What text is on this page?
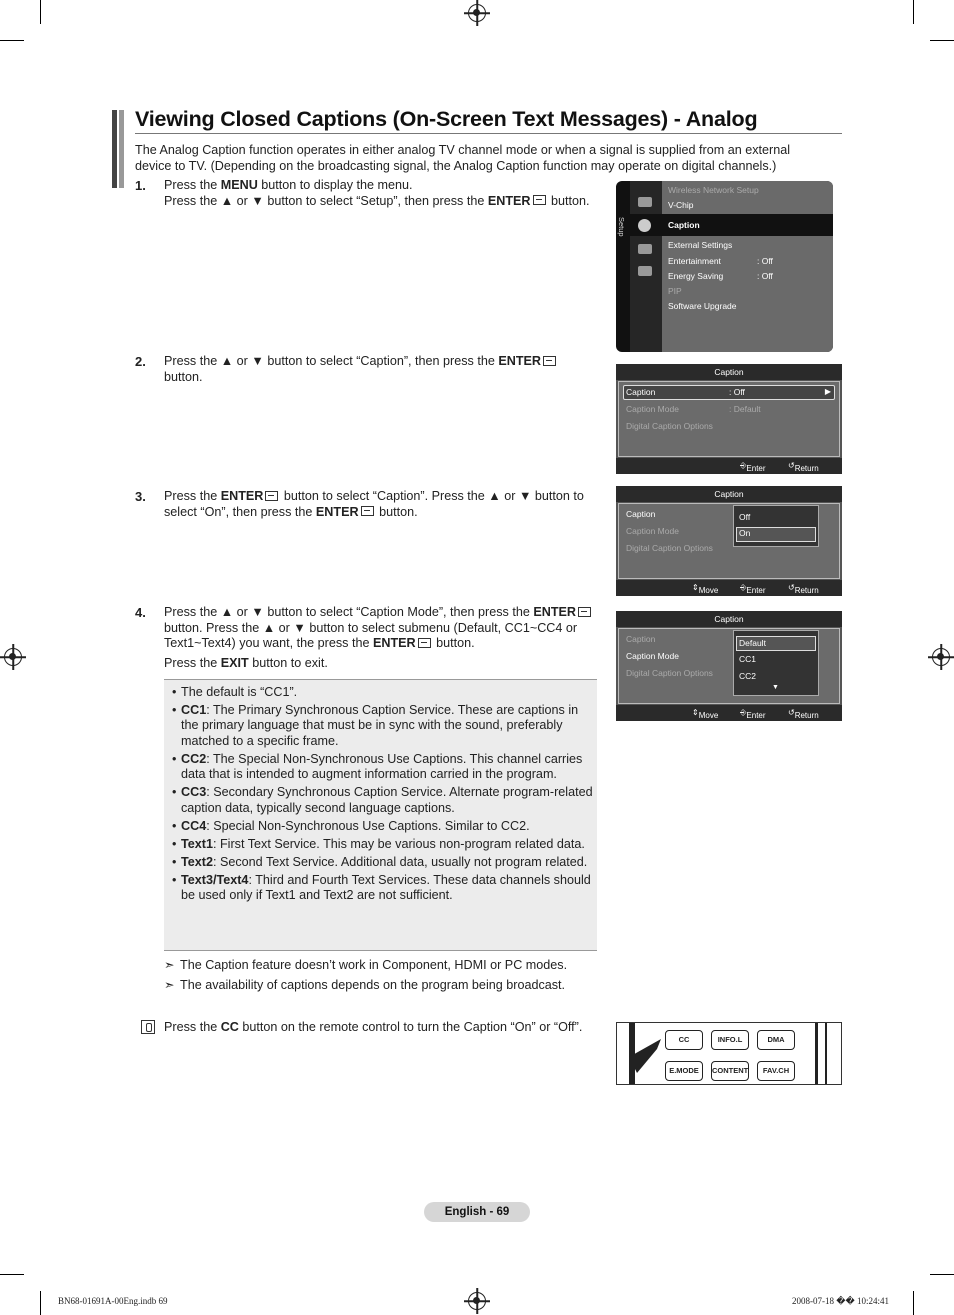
Viewing Closed Captions (On-Screen Text Messages) - Analog
The Analog Caption function operates in either analog TV channel mode or when a signal is supplied from an external device to TV. (Depending on the broadcasting signal, the Analog Caption function may operate on digital channels.)
1. Press the MENU button to display the menu.
Press the ▲ or ▼ button to select “Setup”, then press the ENTER button.
2. Press the ▲ or ▼ button to select “Caption”, then press the ENTER
button.
3. Press the ENTER button to select “Caption”. Press the ▲ or ▼ button to
select “On”, then press the ENTER button.
4. Press the ▲ or ▼ button to select “Caption Mode”, then press the ENTER
button. Press the ▲ or ▼ button to select submenu (Default, CC1~CC4 or
Text1~Text4) you want, the press the ENTER button.
Press the EXIT button to exit.
• The default is “CC1”.
• CC1: The Primary Synchronous Caption Service. These are captions in the primary language that must be in sync with the sound, preferably matched to a specific frame.
• CC2: The Special Non-Synchronous Use Captions. This channel carries data that is intended to augment information carried in the program.
• CC3: Secondary Synchronous Caption Service. Alternate program-related caption data, typically second language captions.
• CC4: Special Non-Synchronous Use Captions. Similar to CC2.
• Text1: First Text Service. This may be various non-program related data.
• Text2: Second Text Service. Additional data, usually not program related.
• Text3/Text4: Third and Fourth Text Services. These data channels should be used only if Text1 and Text2 are not sufficient.
➣ The Caption feature doesn’t work in Component, HDMI or PC modes.
➣ The availability of captions depends on the program being broadcast.
Press the CC button on the remote control to turn the Caption “On” or “Off”.
Setup
Wireless Network Setup
V-Chip
Caption
External Settings
Entertainment	: Off
Energy Saving	: Off
PIP
Software Upgrade
Caption
Caption	: Off	▶
Caption Mode	: Default
Digital Caption Options
⎆ Enter	↺ Return
Caption
Caption
Caption Mode
Digital Caption Options
Off
On
⇕ Move	⎆ Enter	↺ Return
Caption
Caption
Caption Mode
Digital Caption Options
Default
CC1
CC2
▼
⇕ Move	⎆ Enter	↺ Return
CC	INFO.L	DMA
E.MODE	CONTENT	FAV.CH
English - 69
BN68-01691A-00Eng.indb 69	2008-07-18 �� 10:24:41
